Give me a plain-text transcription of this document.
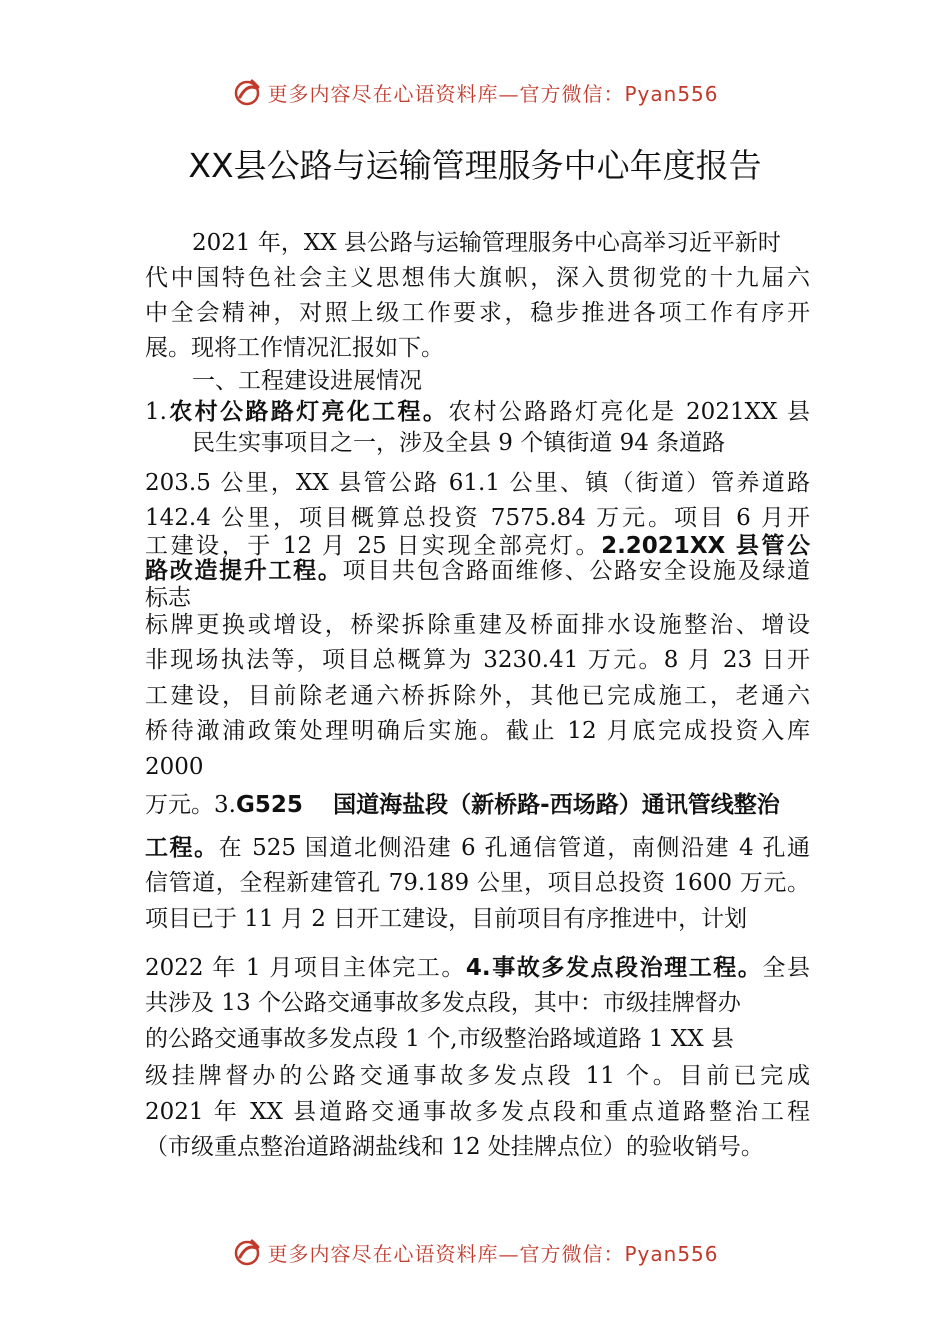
更多内容尽在心语资料库—官方微信：Pyan556
XX县公路与运输管理服务中心年度报告
2021 年，XX 县公路与运输管理服务中心高举习近平新时
代中国特色社会主义思想伟大旗帜，深入贯彻党的十九届六
中全会精神，对照上级工作要求，稳步推进各项工作有序开
展。现将工作情况汇报如下。
一、工程建设进展情况
1.农村公路路灯亮化工程。农村公路路灯亮化是 2021XX 县
民生实事项目之一，涉及全县 9 个镇街道 94 条道路
203.5 公里，XX 县管公路 61.1 公里、镇（街道）管养道路
142.4 公里，项目概算总投资 7575.84 万元。项目 6 月开
工建设，于 12 月 25 日实现全部亮灯。2.2021XX 县管公
路改造提升工程。项目共包含路面维修、公路安全设施及绿道
标志
标牌更换或增设，桥梁拆除重建及桥面排水设施整治、增设
非现场执法等，项目总概算为 3230.41 万元。8 月 23 日开
工建设，目前除老通六桥拆除外，其他已完成施工，老通六
桥待澉浦政策处理明确后实施。截止 12 月底完成投资入库
2000
万元。3.G525　 国道海盐段（新桥路-西场路）通讯管线整治
工程。在 525 国道北侧沿建 6 孔通信管道，南侧沿建 4 孔通
信管道，全程新建管孔 79.189 公里，项目总投资 1600 万元。
项目已于 11 月 2 日开工建设，目前项目有序推进中，计划
2022 年 1 月项目主体完工。4.事故多发点段治理工程。全县
共涉及 13 个公路交通事故多发点段，其中：市级挂牌督办
的公路交通事故多发点段 1 个,市级整治路域道路 1 XX 县
级挂牌督办的公路交通事故多发点段 11 个。目前已完成
2021 年 XX 县道路交通事故多发点段和重点道路整治工程
（市级重点整治道路湖盐线和 12 处挂牌点位）的验收销号。
更多内容尽在心语资料库—官方微信：Pyan556
